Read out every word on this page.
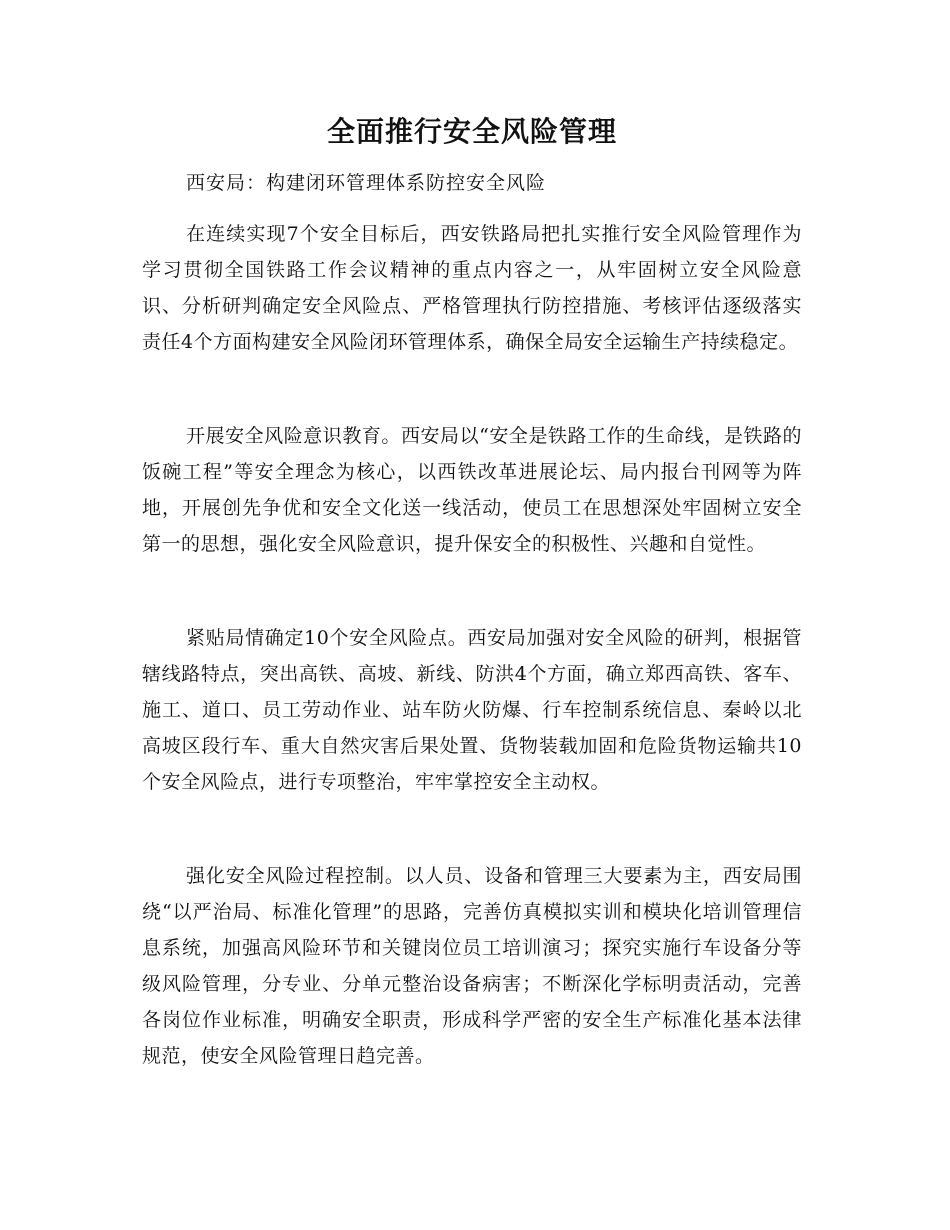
全面推行安全风险管理
西安局：构建闭环管理体系防控安全风险

在连续实现7个安全目标后，西安铁路局把扎实推行安全风险管理作为学习贯彻全国铁路工作会议精神的重点内容之一，从牢固树立安全风险意识、分析研判确定安全风险点、严格管理执行防控措施、考核评估逐级落实责任4个方面构建安全风险闭环管理体系，确保全局安全运输生产持续稳定。

开展安全风险意识教育。西安局以“安全是铁路工作的生命线，是铁路的饭碗工程”等安全理念为核心，以西铁改革进展论坛、局内报台刊网等为阵地，开展创先争优和安全文化送一线活动，使员工在思想深处牢固树立安全第一的思想，强化安全风险意识，提升保安全的积极性、兴趣和自觉性。

紧贴局情确定10个安全风险点。西安局加强对安全风险的研判，根据管辖线路特点，突出高铁、高坡、新线、防洪4个方面，确立郑西高铁、客车、施工、道口、员工劳动作业、站车防火防爆、行车控制系统信息、秦岭以北高坡区段行车、重大自然灾害后果处置、货物装载加固和危险货物运输共10个安全风险点，进行专项整治，牢牢掌控安全主动权。

强化安全风险过程控制。以人员、设备和管理三大要素为主，西安局围绕“以严治局、标准化管理”的思路，完善仿真模拟实训和模块化培训管理信息系统，加强高风险环节和关键岗位员工培训演习；探究实施行车设备分等级风险管理，分专业、分单元整治设备病害；不断深化学标明责活动，完善各岗位作业标准，明确安全职责，形成科学严密的安全生产标准化基本法律规范，使安全风险管理日趋完善。
